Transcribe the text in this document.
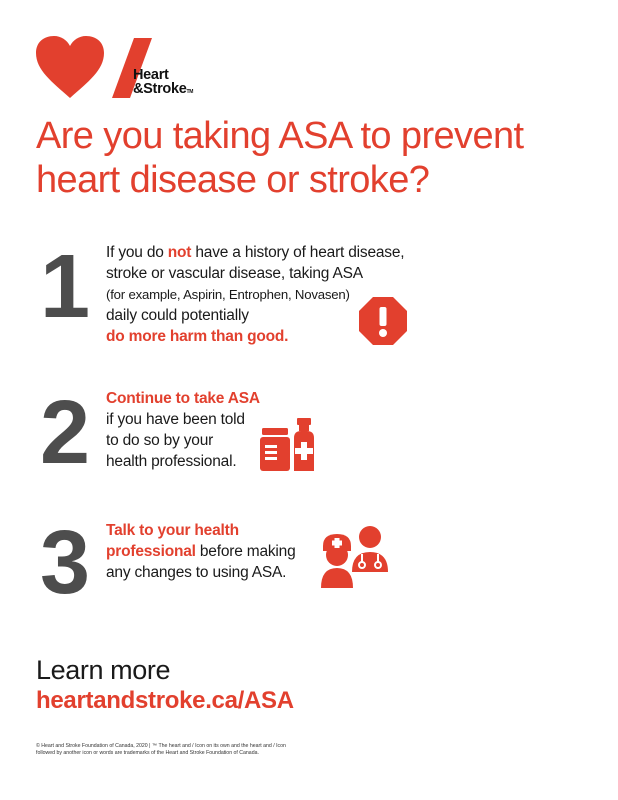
Heart
&StrokeTM
Are you taking ASA to prevent
heart disease or stroke?
1 If you do not have a history of heart disease,
stroke or vascular disease, taking ASA
(for example, Aspirin, Entrophen, Novasen)
daily could potentially
do more harm than good.
2 Continue to take ASA
if you have been told
to do so by your
health professional.
3 Talk to your health
professional before making
any changes to using ASA.
Learn more
heartandstroke.ca/ASA
© Heart and Stroke Foundation of Canada, 2020 | ™ The heart and / Icon on its own and the heart and / Icon
followed by another icon or words are trademarks of the Heart and Stroke Foundation of Canada.
